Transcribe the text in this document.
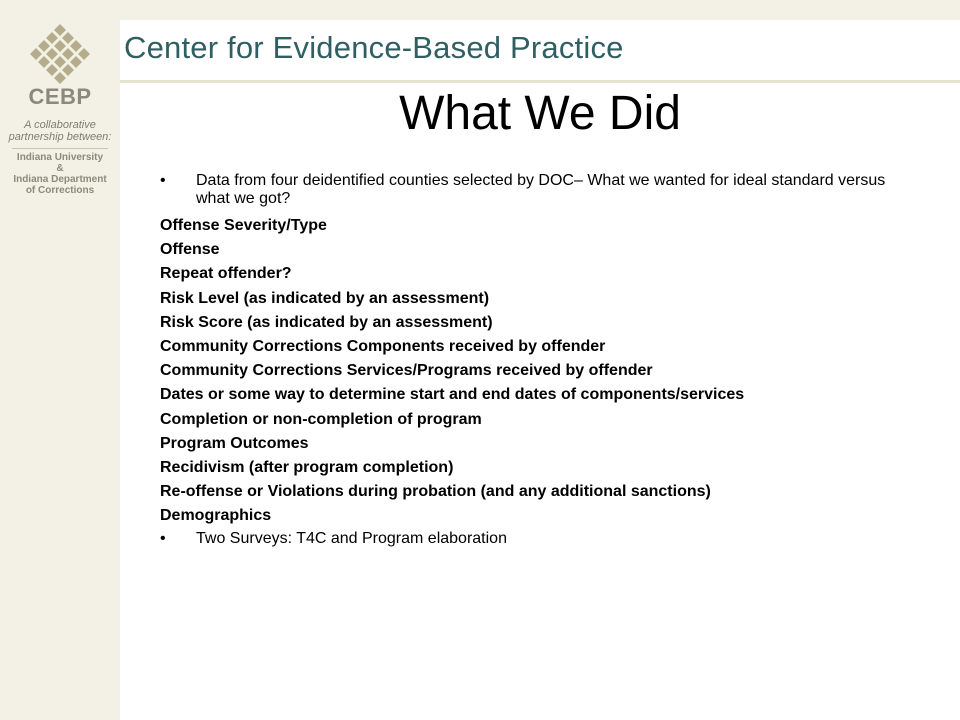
Center for Evidence-Based Practice
CEBP
A collaborative
partnership between:
Indiana University
&
Indiana Department
of Corrections
What We Did
• Data from four deidentified counties selected by DOC– What we wanted for ideal standard versus what we got?
Offense Severity/Type
Offense
Repeat offender?
Risk Level (as indicated by an assessment)
Risk Score (as indicated by an assessment)
Community Corrections Components received by offender
Community Corrections Services/Programs received by offender
Dates or some way to determine start and end dates of components/services
Completion or non-completion of program
Program Outcomes
Recidivism (after program completion)
Re-offense or Violations during probation (and any additional sanctions)
Demographics
• Two Surveys: T4C and Program elaboration
